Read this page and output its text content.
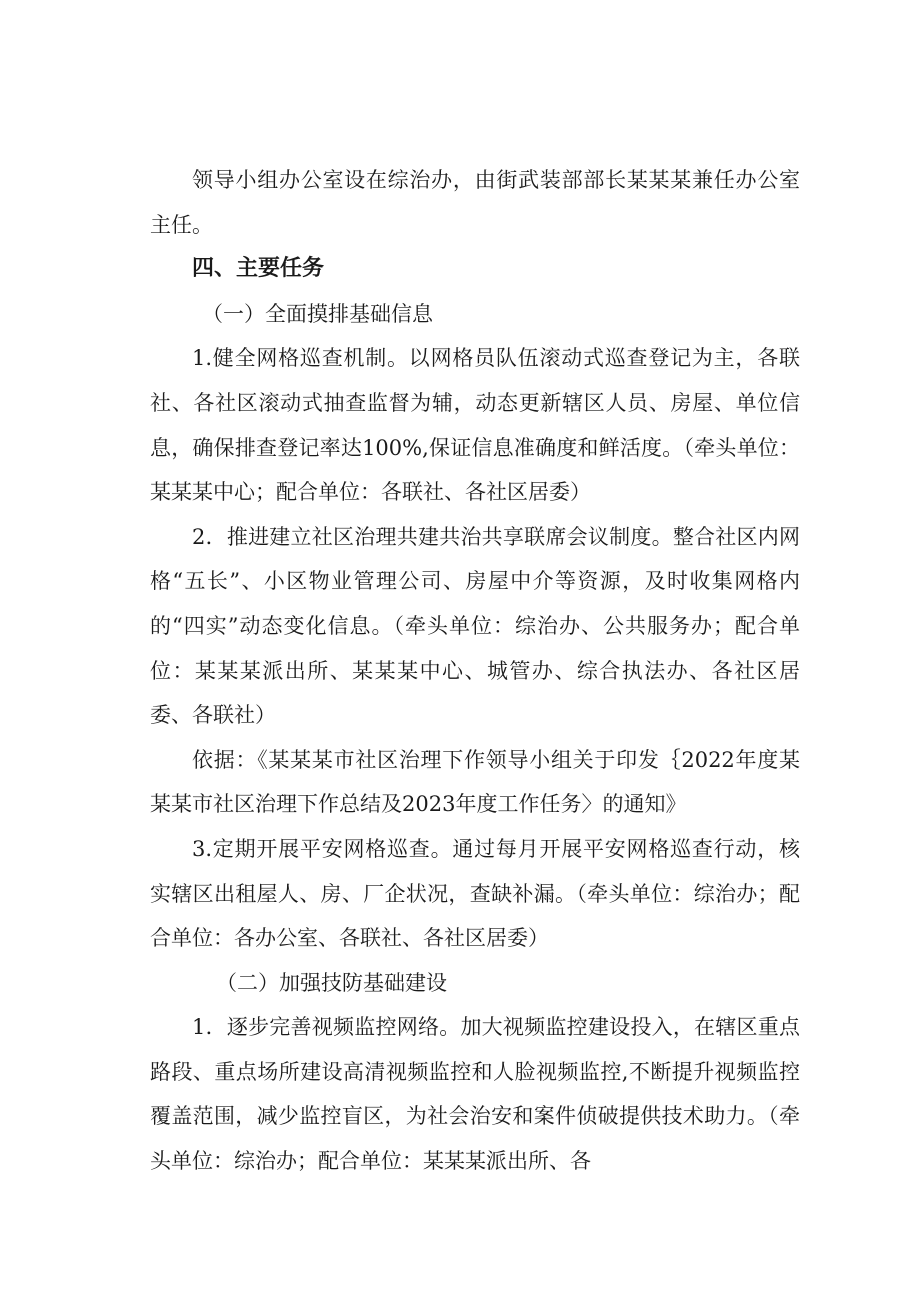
领导小组办公室设在综治办，由街武装部部长某某某兼任办公室主任。

四、主要任务

（一）全面摸排基础信息

1.健全网格巡查机制。以网格员队伍滚动式巡查登记为主，各联社、各社区滚动式抽查监督为辅，动态更新辖区人员、房屋、单位信息，确保排查登记率达100%,保证信息准确度和鲜活度。（牵头单位：某某某中心；配合单位：各联社、各社区居委）

2．推进建立社区治理共建共治共享联席会议制度。整合社区内网格“五长”、小区物业管理公司、房屋中介等资源，及时收集网格内的“四实”动态变化信息。（牵头单位：综治办、公共服务办；配合单位：某某某派出所、某某某中心、城管办、综合执法办、各社区居委、各联社）

依据：《某某某市社区治理下作领导小组关于印发｛2022年度某某某市社区治理下作总结及2023年度工作任务〉的通知》

3.定期开展平安网格巡查。通过每月开展平安网格巡查行动，核实辖区出租屋人、房、厂企状况，查缺补漏。（牵头单位：综治办；配合单位：各办公室、各联社、各社区居委）

（二）加强技防基础建设

1．逐步完善视频监控网络。加大视频监控建设投入，在辖区重点路段、重点场所建设高清视频监控和人脸视频监控,不断提升视频监控覆盖范围，减少监控盲区，为社会治安和案件侦破提供技术助力。（牵头单位：综治办；配合单位：某某某派出所、各
